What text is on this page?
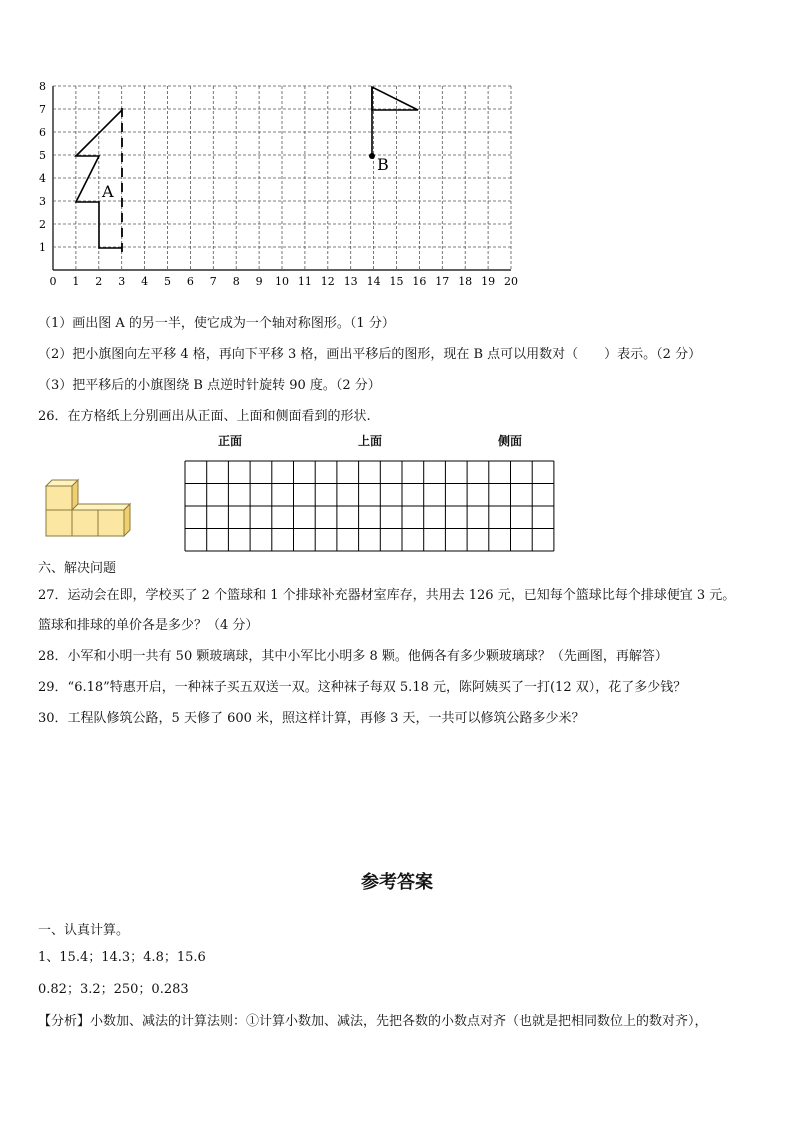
0 1 2 3 4 5 6 7 8 9 10 11 12 13 14 15 16 17 18 19 20
1
2
3
4
5
6
7
8
A
B
（1）画出图 A 的另一半，使它成为一个轴对称图形。（1 分）
（2）把小旗图向左平移 4 格，再向下平移 3 格，画出平移后的图形，现在 B 点可以用数对（　　）表示。（2 分）
（3）把平移后的小旗图绕 B 点逆时针旋转 90 度。（2 分）
26．在方格纸上分别画出从正面、上面和侧面看到的形状.
正面	上面	侧面
六、解决问题
27．运动会在即，学校买了 2 个篮球和 1 个排球补充器材室库存，共用去 126 元，已知每个篮球比每个排球便宜 3 元。
篮球和排球的单价各是多少？（4 分）
28．小军和小明一共有 50 颗玻璃球，其中小军比小明多 8 颗。他俩各有多少颗玻璃球？（先画图，再解答）
29．“6.18”特惠开启，一种袜子买五双送一双。这种袜子每双 5.18 元，陈阿姨买了一打(12 双），花了多少钱？
30．工程队修筑公路，5 天修了 600 米，照这样计算，再修 3 天，一共可以修筑公路多少米？
参考答案
一、认真计算。
1、15.4；14.3；4.8；15.6
0.82；3.2；250；0.283
【分析】小数加、减法的计算法则：①计算小数加、减法，先把各数的小数点对齐（也就是把相同数位上的数对齐），
